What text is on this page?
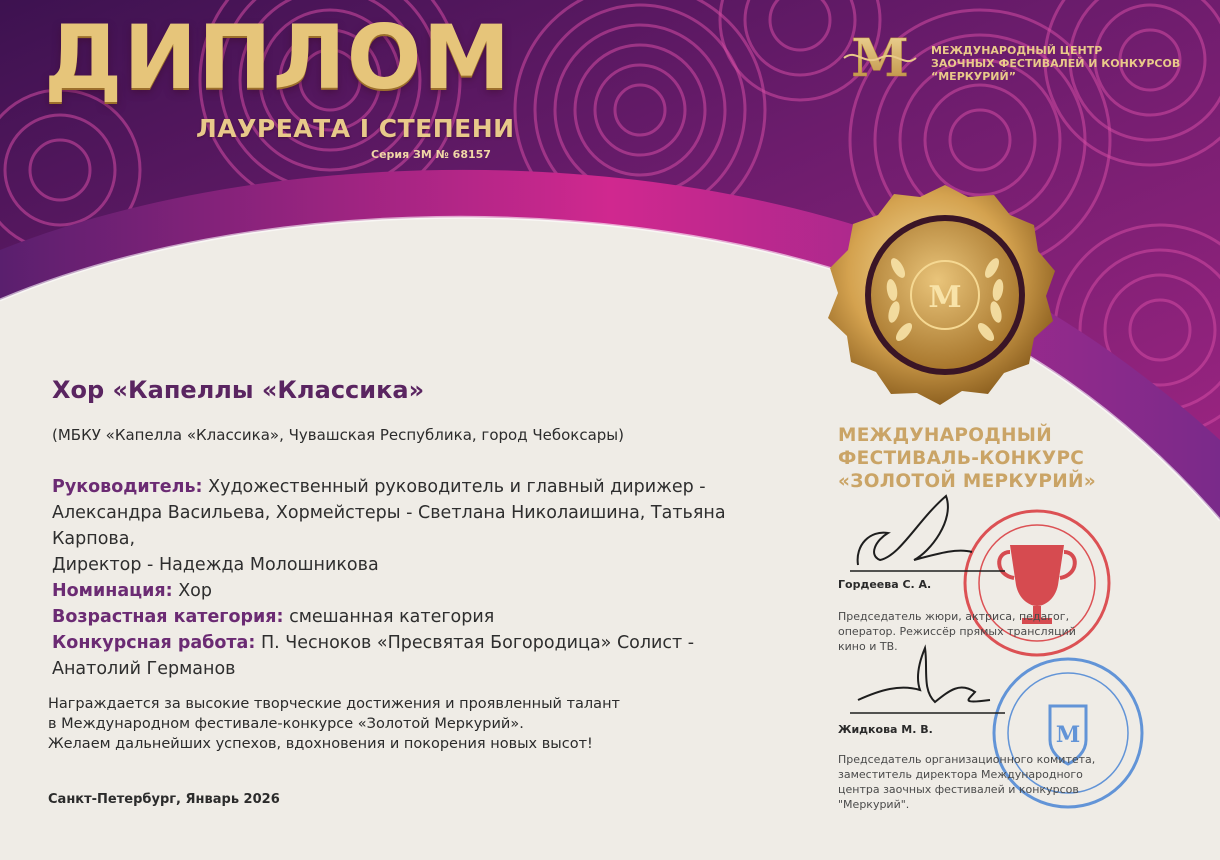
M
M
ДИПЛОМ
ЛАУРЕАТА I СТЕПЕНИ
Серия ЗМ № 68157
M МЕЖДУНАРОДНЫЙ ЦЕНТР
ЗАОЧНЫХ ФЕСТИВАЛЕЙ И КОНКУРСОВ
“МЕРКУРИЙ”
Хор «Капеллы «Классика»
(МБКУ «Капелла «Классика», Чувашская Республика, город Чебоксары)
Руководитель: Художественный руководитель и главный дирижер - Александра Васильева, Хормейстеры - Светлана Николаишина, Татьяна Карпова,
Директор - Надежда Молошникова
Номинация: Хор
Возрастная категория: смешанная категория
Конкурсная работа: П. Чесноков «Пресвятая Богородица» Солист - Анатолий Германов
Награждается за высокие творческие достижения и проявленный талант
в Международном фестивале-конкурсе «Золотой Меркурий».
Желаем дальнейших успехов, вдохновения и покорения новых высот!
Санкт-Петербург, Январь 2026
МЕЖДУНАРОДНЫЙ
ФЕСТИВАЛЬ-КОНКУРС
«ЗОЛОТОЙ МЕРКУРИЙ»
Гордеева С. А.
Председатель жюри, актриса, педагог,
оператор. Режиссёр прямых трансляций
кино и ТВ.
Жидкова М. В.
Председатель организационного комитета,
заместитель директора Международного
центра заочных фестивалей и конкурсов
"Меркурий".
